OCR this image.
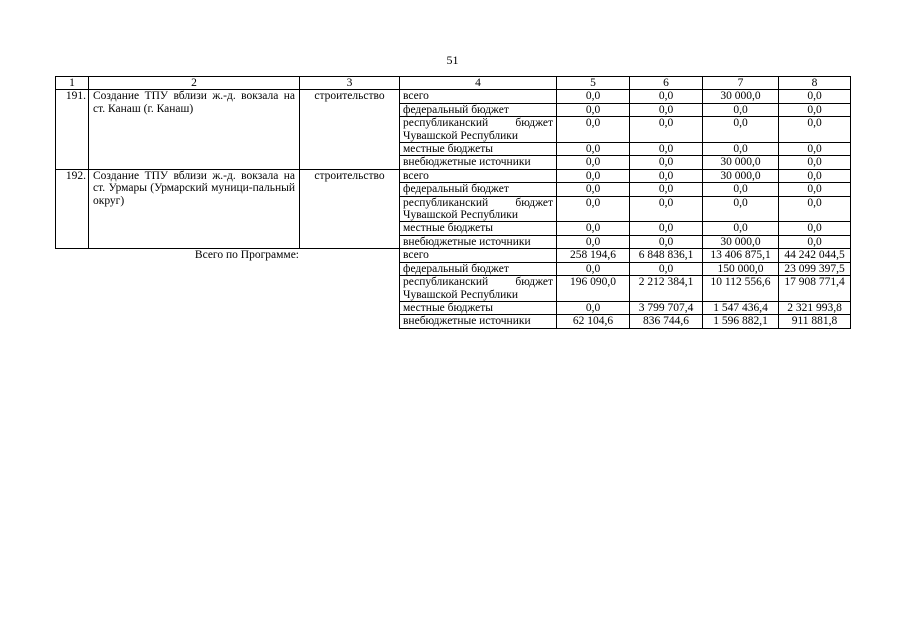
51
1	2	3	4	5	6	7	8
191.	Создание ТПУ вблизи ж.-д. вокзала на ст. Канаш (г. Канаш)	строительство	всего	0,0	0,0	30 000,0	0,0
			федеральный бюджет	0,0	0,0	0,0	0,0
			республиканский бюджет Чувашской Республики	0,0	0,0	0,0	0,0
			местные бюджеты	0,0	0,0	0,0	0,0
			внебюджетные источники	0,0	0,0	30 000,0	0,0
192.	Создание ТПУ вблизи ж.-д. вокзала на ст. Урмары (Урмарский муници-пальный округ)	строительство	всего	0,0	0,0	30 000,0	0,0
			федеральный бюджет	0,0	0,0	0,0	0,0
			республиканский бюджет Чувашской Республики	0,0	0,0	0,0	0,0
			местные бюджеты	0,0	0,0	0,0	0,0
			внебюджетные источники	0,0	0,0	30 000,0	0,0
Всего по Программе:			всего	258 194,6	6 848 836,1	13 406 875,1	44 242 044,5
			федеральный бюджет	0,0	0,0	150 000,0	23 099 397,5
			республиканский бюджет Чувашской Республики	196 090,0	2 212 384,1	10 112 556,6	17 908 771,4
			местные бюджеты	0,0	3 799 707,4	1 547 436,4	2 321 993,8
			внебюджетные источники	62 104,6	836 744,6	1 596 882,1	911 881,8
